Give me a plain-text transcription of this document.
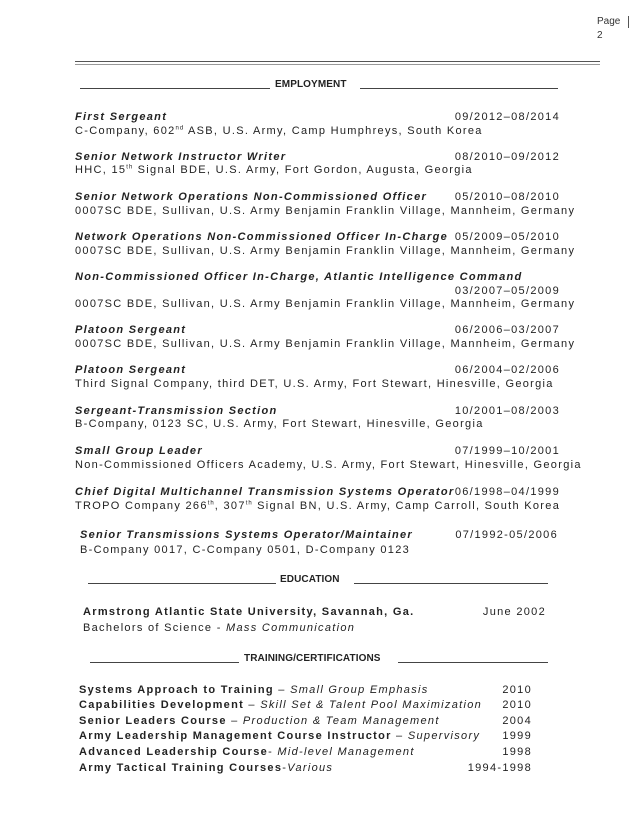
Page
2
EMPLOYMENT
First Sergeant	09/2012–08/2014
C-Company, 602nd ASB, U.S. Army, Camp Humphreys, South Korea
Senior Network Instructor Writer	08/2010–09/2012
HHC, 15th Signal BDE, U.S. Army, Fort Gordon, Augusta, Georgia
Senior Network Operations Non-Commissioned Officer	05/2010–08/2010
0007SC BDE, Sullivan, U.S. Army Benjamin Franklin Village, Mannheim, Germany
Network Operations Non-Commissioned Officer In-Charge 05/2009–05/2010
0007SC BDE, Sullivan, U.S. Army Benjamin Franklin Village, Mannheim, Germany
Non-Commissioned Officer In-Charge, Atlantic Intelligence Command
03/2007–05/2009
0007SC BDE, Sullivan, U.S. Army Benjamin Franklin Village, Mannheim, Germany
Platoon Sergeant	06/2006–03/2007
0007SC BDE, Sullivan, U.S. Army Benjamin Franklin Village, Mannheim, Germany
Platoon Sergeant	06/2004–02/2006
Third Signal Company, third DET, U.S. Army, Fort Stewart, Hinesville, Georgia
Sergeant-Transmission Section	10/2001–08/2003
B-Company, 0123 SC, U.S. Army, Fort Stewart, Hinesville, Georgia
Small Group Leader	07/1999–10/2001
Non-Commissioned Officers Academy, U.S. Army, Fort Stewart, Hinesville, Georgia
Chief Digital Multichannel Transmission Systems Operator 06/1998–04/1999
TROPO Company 266th, 307th Signal BN, U.S. Army, Camp Carroll, South Korea
Senior Transmissions Systems Operator/Maintainer	07/1992-05/2006
B-Company 0017, C-Company 0501, D-Company 0123
EDUCATION
Armstrong Atlantic State University, Savannah, Ga.	June 2002
Bachelors of Science - Mass Communication
TRAINING/CERTIFICATIONS
Systems Approach to Training – Small Group Emphasis	2010
Capabilities Development – Skill Set & Talent Pool Maximization 2010
Senior Leaders Course – Production & Team Management	2004
Army Leadership Management Course Instructor – Supervisory 1999
Advanced Leadership Course- Mid-level Management	1998
Army Tactical Training Courses-Various	1994-1998
